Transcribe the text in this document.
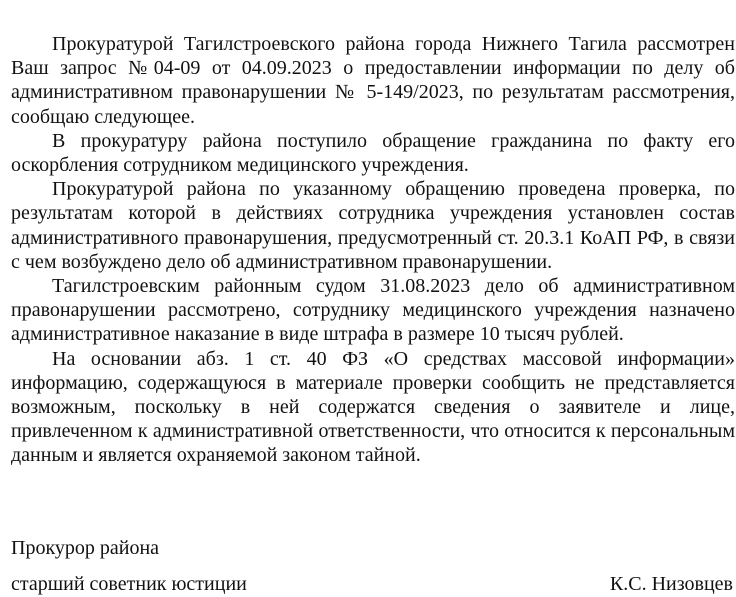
Прокуратурой Тагилстроевского района города Нижнего Тагила рассмотрен Ваш запрос №04-09 от 04.09.2023 о предоставлении информации по делу об административном правонарушении № 5-149/2023, по результатам рассмотрения, сообщаю следующее.

В прокуратуру района поступило обращение гражданина по факту его оскорбления сотрудником медицинского учреждения.

Прокуратурой района по указанному обращению проведена проверка, по результатам которой в действиях сотрудника учреждения установлен состав административного правонарушения, предусмотренный ст. 20.3.1 КоАП РФ, в связи с чем возбуждено дело об административном правонарушении.

Тагилстроевским районным судом 31.08.2023 дело об административном правонарушении рассмотрено, сотруднику медицинского учреждения назначено административное наказание в виде штрафа в размере 10 тысяч рублей.

На основании абз. 1 ст. 40 ФЗ «О средствах массовой информации» информацию, содержащуюся в материале проверки сообщить не представляется возможным, поскольку в ней содержатся сведения о заявителе и лице, привлеченном к административной ответственности, что относится к персональным данным и является охраняемой законом тайной.

Прокурор района
старший советник юстиции	К.С. Низовцев
